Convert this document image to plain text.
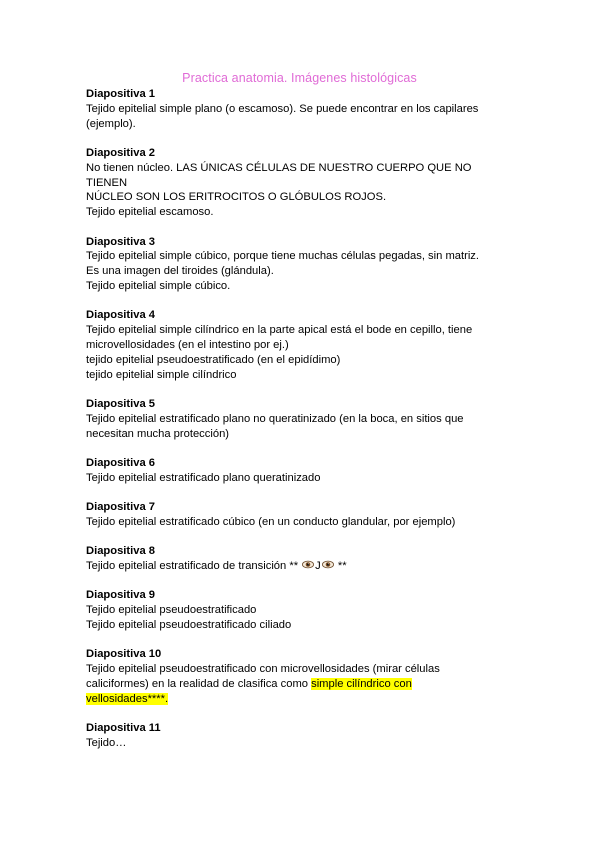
Practica anatomia. Imágenes histológicas
Diapositiva 1
Tejido epitelial simple plano (o escamoso). Se puede encontrar en los capilares
(ejemplo).
Diapositiva 2
No tienen núcleo. LAS ÚNICAS CÉLULAS DE NUESTRO CUERPO QUE NO TIENEN
NÚCLEO SON LOS ERITROCITOS O GLÓBULOS ROJOS.
Tejido epitelial escamoso.
Diapositiva 3
Tejido epitelial simple cúbico, porque tiene muchas células pegadas, sin matriz.
Es una imagen del tiroides (glándula).
Tejido epitelial simple cúbico.
Diapositiva 4
Tejido epitelial simple cilíndrico en la parte apical está el bode en cepillo, tiene
microvellosidades (en el intestino por ej.)
tejido epitelial pseudoestratificado (en el epidídimo)
tejido epitelial simple cilíndrico
Diapositiva 5
Tejido epitelial estratificado plano no queratinizado (en la boca, en sitios que
necesitan mucha protección)
Diapositiva 6
Tejido epitelial estratificado plano queratinizado
Diapositiva 7
Tejido epitelial estratificado cúbico (en un conducto glandular, por ejemplo)
Diapositiva 8
Tejido epitelial estratificado de transición ** J **
Diapositiva 9
Tejido epitelial pseudoestratificado
Tejido epitelial pseudoestratificado ciliado
Diapositiva 10
Tejido epitelial pseudoestratificado con microvellosidades (mirar células
caliciformes) en la realidad de clasifica como simple cilíndrico con
vellosidades****.
Diapositiva 11
Tejido…
